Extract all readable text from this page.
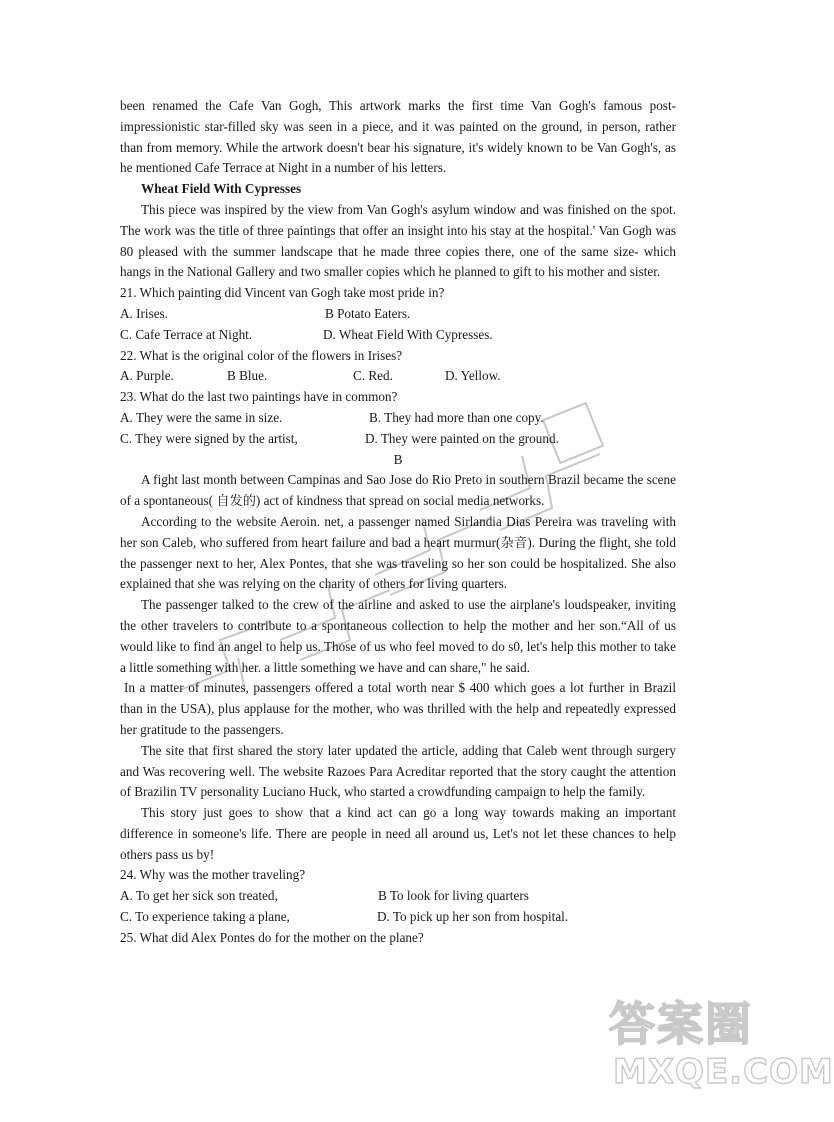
been renamed the Cafe Van Gogh, This artwork marks the first time Van Gogh's famous post-impressionistic star-filled sky was seen in a piece, and it was painted on the ground, in person, rather than from memory. While the artwork doesn't bear his signature, it's widely known to be Van Gogh's, as he mentioned Cafe Terrace at Night in a number of his letters.

Wheat Field With Cypresses

This piece was inspired by the view from Van Gogh's asylum window and was finished on the spot. The work was the title of three paintings that offer an insight into his stay at the hospital.' Van Gogh was 80 pleased with the summer landscape that he made three copies there, one of the same size- which hangs in the National Gallery and two smaller copies which he planned to gift to his mother and sister.

21. Which painting did Vincent van Gogh take most pride in?

A. Irises.	B Potato Eaters.
C. Cafe Terrace at Night.	D. Wheat Field With Cypresses.

22. What is the original color of the flowers in Irises?

A. Purple.	B Blue.	C. Red.	D. Yellow.

23. What do the last two paintings have in common?

A. They were the same in size.	B. They had more than one copy.
C. They were signed by the artist,	D. They were painted on the ground.

B

A fight last month between Campinas and Sao Jose do Rio Preto in southern Brazil became the scene of a spontaneous( 自发的) act of kindness that spread on social media networks.

According to the website Aeroin. net, a passenger named Sirlandia Dias Pereira was traveling with her son Caleb, who suffered from heart failure and bad a heart murmur(杂音). During the flight, she told the passenger next to her, Alex Pontes, that she was traveling so her son could be hospitalized. She also explained that she was relying on the charity of others for living quarters.

The passenger talked to the crew of the airline and asked to use the airplane's loudspeaker, inviting the other travelers to contribute to a spontaneous collection to help the mother and her son.“All of us would like to find an angel to help us. Those of us who feel moved to do s0, let's help this mother to take a little something with her. a little something we have and can share," he said.

In a matter of minutes, passengers offered a total worth near $ 400 which goes a lot further in Brazil than in the USA), plus applause for the mother, who was thrilled with the help and repeatedly expressed her gratitude to the passengers.

The site that first shared the story later updated the article, adding that Caleb went through surgery and Was recovering well. The website Razoes Para Acreditar reported that the story caught the attention of Brazilin TV personality Luciano Huck, who started a crowdfunding campaign to help the family.

This story just goes to show that a kind act can go a long way towards making an important difference in someone's life. There are people in need all around us, Let's not let these chances to help others pass us by!

24. Why was the mother traveling?

A. To get her sick son treated,	B To look for living quarters
C. To experience taking a plane,	D. To pick up her son from hospital.

25. What did Alex Pontes do for the mother on the plane?

答案圈
MXQE.COM
